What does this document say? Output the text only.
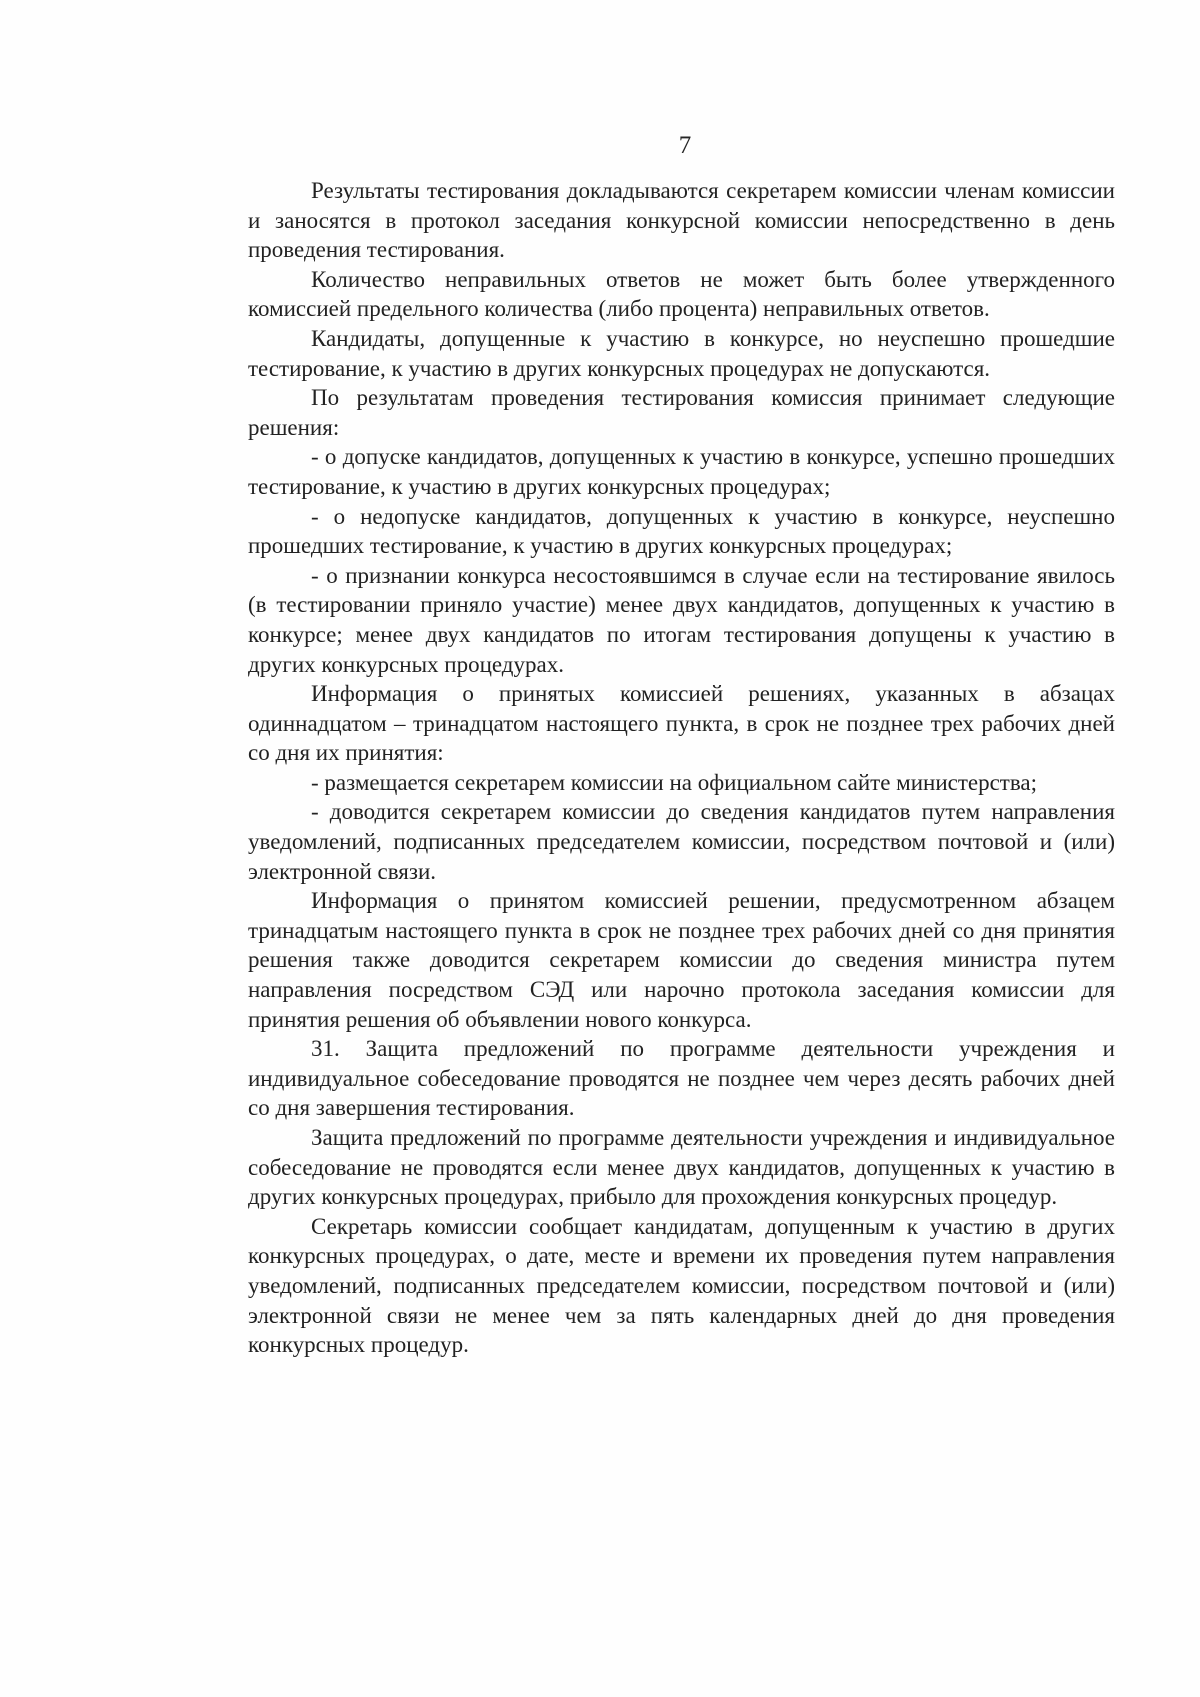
7

Результаты тестирования докладываются секретарем комиссии членам комиссии и заносятся в протокол заседания конкурсной комиссии непосредственно в день проведения тестирования.

Количество неправильных ответов не может быть более утвержденного комиссией предельного количества (либо процента) неправильных ответов.

Кандидаты, допущенные к участию в конкурсе, но неуспешно прошедшие тестирование, к участию в других конкурсных процедурах не допускаются.

По результатам проведения тестирования комиссия принимает следующие решения:

- о допуске кандидатов, допущенных к участию в конкурсе, успешно прошедших тестирование, к участию в других конкурсных процедурах;

- о недопуске кандидатов, допущенных к участию в конкурсе, неуспешно прошедших тестирование, к участию в других конкурсных процедурах;

- о признании конкурса несостоявшимся в случае если на тестирование явилось (в тестировании приняло участие) менее двух кандидатов, допущенных к участию в конкурсе; менее двух кандидатов по итогам тестирования допущены к участию в других конкурсных процедурах.

Информация о принятых комиссией решениях, указанных в абзацах одиннадцатом – тринадцатом настоящего пункта, в срок не позднее трех рабочих дней со дня их принятия:

- размещается секретарем комиссии на официальном сайте министерства;

- доводится секретарем комиссии до сведения кандидатов путем направления уведомлений, подписанных председателем комиссии, посредством почтовой и (или) электронной связи.

Информация о принятом комиссией решении, предусмотренном абзацем тринадцатым настоящего пункта в срок не позднее трех рабочих дней со дня принятия решения также доводится секретарем комиссии до сведения министра путем направления посредством СЭД или нарочно протокола заседания комиссии для принятия решения об объявлении нового конкурса.

31. Защита предложений по программе деятельности учреждения и индивидуальное собеседование проводятся не позднее чем через десять рабочих дней со дня завершения тестирования.

Защита предложений по программе деятельности учреждения и индивидуальное собеседование не проводятся если менее двух кандидатов, допущенных к участию в других конкурсных процедурах, прибыло для прохождения конкурсных процедур.

Секретарь комиссии сообщает кандидатам, допущенным к участию в других конкурсных процедурах, о дате, месте и времени их проведения путем направления уведомлений, подписанных председателем комиссии, посредством почтовой и (или) электронной связи не менее чем за пять календарных дней до дня проведения конкурсных процедур.
